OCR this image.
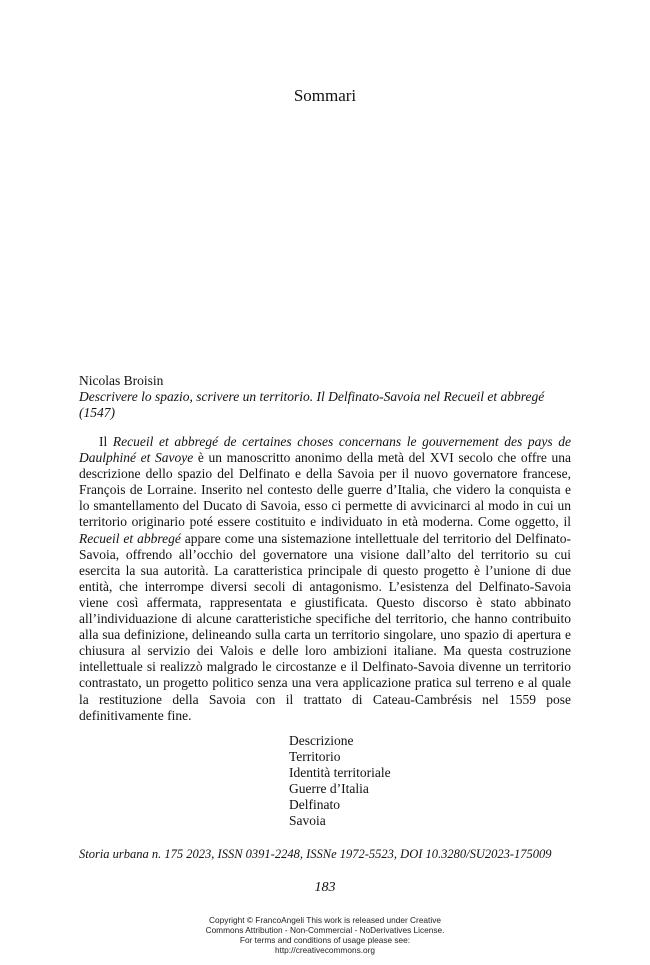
Sommari
Nicolas Broisin
Descrivere lo spazio, scrivere un territorio. Il Delfinato-Savoia nel Recueil et abbregé (1547)

Il Recueil et abbregé de certaines choses concernans le gouvernement des pays de Daulphiné et Savoye è un manoscritto anonimo della metà del XVI secolo che offre una descrizione dello spazio del Delfinato e della Savoia per il nuovo governatore francese, François de Lorraine. Inserito nel contesto delle guerre d’Italia, che videro la conquista e lo smantellamento del Ducato di Savoia, esso ci permette di avvicinarci al modo in cui un territorio originario poté essere costituito e individuato in età moderna. Come oggetto, il Recueil et abbregé appare come una sistemazione intellettuale del territorio del Delfinato-Savoia, offrendo all’occhio del governatore una visione dall’alto del territorio su cui esercita la sua autorità. La caratteristica principale di questo progetto è l’unione di due entità, che interrompe diversi secoli di antagonismo. L’esistenza del Delfinato-Savoia viene così affermata, rappresentata e giustificata. Questo discorso è stato abbinato all’individuazione di alcune caratteristiche specifiche del territorio, che hanno contribuito alla sua definizione, delineando sulla carta un territorio singolare, uno spazio di apertura e chiusura al servizio dei Valois e delle loro ambizioni italiane. Ma questa costruzione intellettuale si realizzò malgrado le circostanze e il Delfinato-Savoia divenne un territorio contrastato, un progetto politico senza una vera applicazione pratica sul terreno e al quale la restituzione della Savoia con il trattato di Cateau-Cambrésis nel 1559 pose definitivamente fine.

Descrizione
Territorio
Identità territoriale
Guerre d’Italia
Delfinato
Savoia
Storia urbana n. 175 2023, ISSN 0391-2248, ISSNe 1972-5523, DOI 10.3280/SU2023-175009
183
Copyright © FrancoAngeli This work is released under Creative
Commons Attribution - Non-Commercial - NoDerivatives License.
For terms and conditions of usage please see:
http://creativecommons.org
